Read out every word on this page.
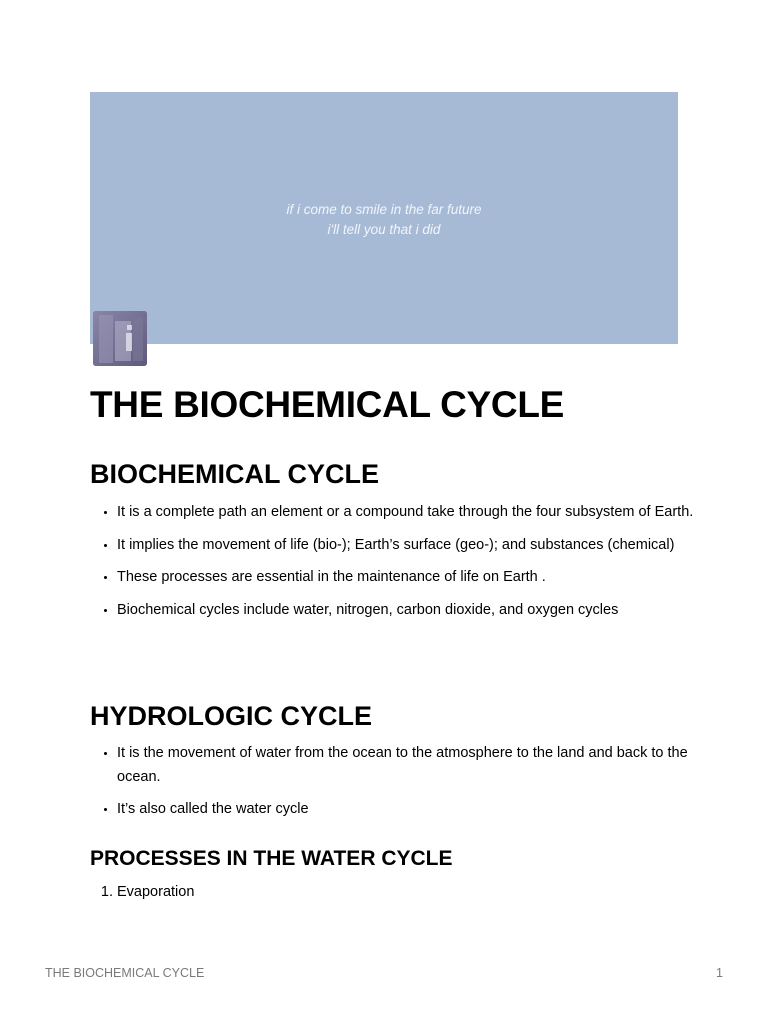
if i come to smile in the far future
i'll tell you that i did
THE BIOCHEMICAL CYCLE
BIOCHEMICAL CYCLE
• It is a complete path an element or a compound take through the four subsystem of Earth.
• It implies the movement of life (bio-); Earth’s surface (geo-); and substances (chemical)
• These processes are essential in the maintenance of life on Earth .
• Biochemical cycles include water, nitrogen, carbon dioxide, and oxygen cycles
HYDROLOGIC CYCLE
• It is the movement of water from the ocean to the atmosphere to the land and back to the ocean.
• It’s also called the water cycle
PROCESSES IN THE WATER CYCLE
1. Evaporation
THE BIOCHEMICAL CYCLE	1
